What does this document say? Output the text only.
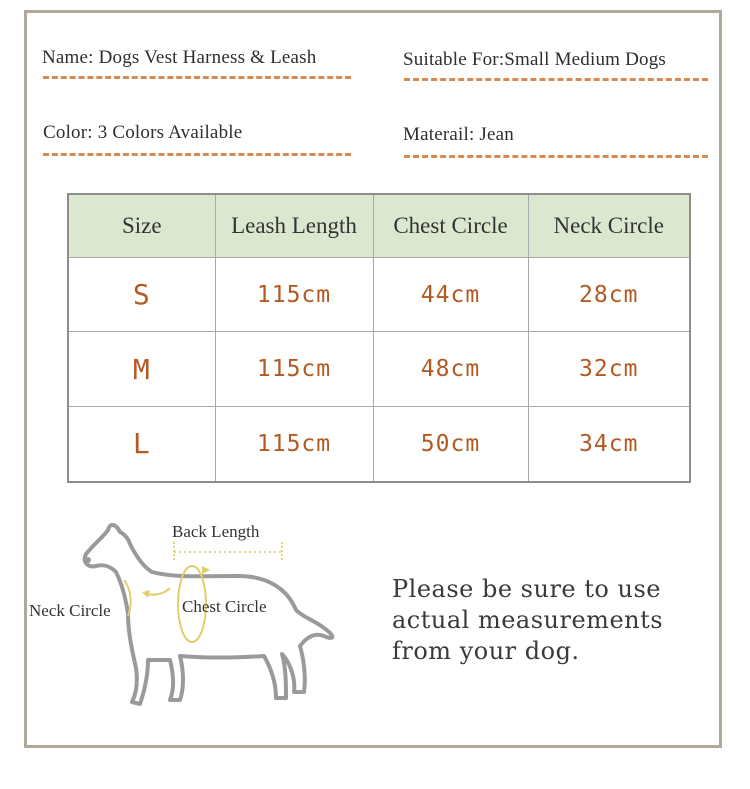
Name: Dogs Vest Harness & Leash	Suitable For:Small Medium Dogs
Color: 3 Colors Available	Materail: Jean
Size	Leash Length	Chest Circle	Neck Circle
S	115cm	44cm	28cm
M	115cm	48cm	32cm
L	115cm	50cm	34cm
Back Length
Neck Circle	Chest Circle
Please be sure to use actual measurements from your dog.
